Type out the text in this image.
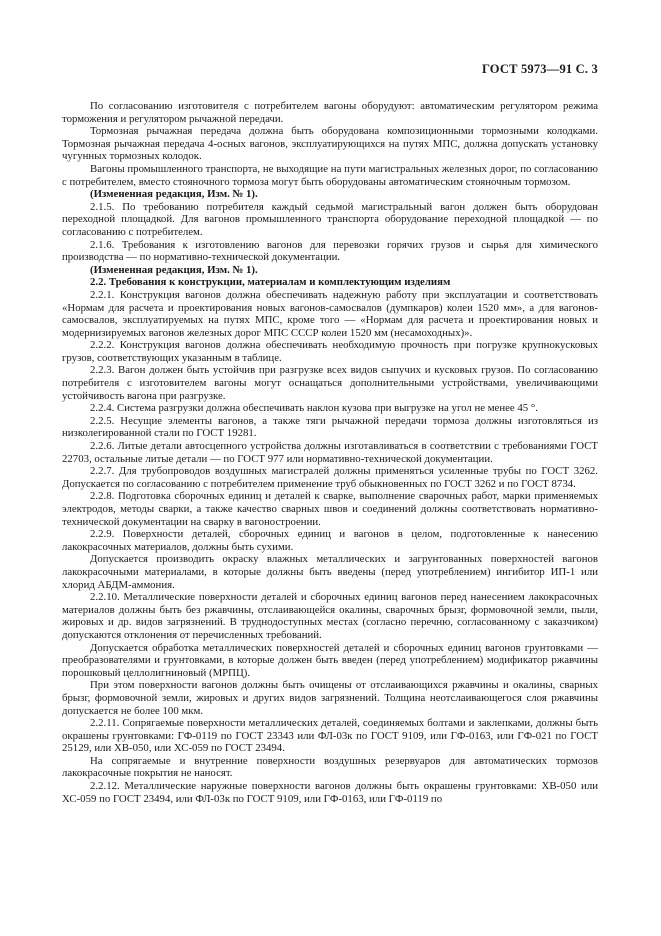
ГОСТ 5973—91 С. 3

По согласованию изготовителя с потребителем вагоны оборудуют: автоматическим регулятором режима торможения и регулятором рычажной передачи.

Тормозная рычажная передача должна быть оборудована композиционными тормозными колодками. Тормозная рычажная передача 4-осных вагонов, эксплуатирующихся на путях МПС, должна допускать установку чугунных тормозных колодок.

Вагоны промышленного транспорта, не выходящие на пути магистральных железных дорог, по согласованию с потребителем, вместо стояночного тормоза могут быть оборудованы автоматическим стояночным тормозом.

(Измененная редакция, Изм. № 1).

2.1.5. По требованию потребителя каждый седьмой магистральный вагон должен быть оборудован переходной площадкой. Для вагонов промышленного транспорта оборудование переходной площадкой — по согласованию с потребителем.

2.1.6. Требования к изготовлению вагонов для перевозки горячих грузов и сырья для химического производства — по нормативно-технической документации.

(Измененная редакция, Изм. № 1).

2.2. Требования к конструкции, материалам и комплектующим изделиям

2.2.1. Конструкция вагонов должна обеспечивать надежную работу при эксплуатации и соответствовать «Нормам для расчета и проектирования новых вагонов-самосвалов (думпкаров) колеи 1520 мм», а для вагонов-самосвалов, эксплуатируемых на путях МПС, кроме того — «Нормам для расчета и проектирования новых и модернизируемых вагонов железных дорог МПС СССР колеи 1520 мм (несамоходных)».

2.2.2. Конструкция вагонов должна обеспечивать необходимую прочность при погрузке крупнокусковых грузов, соответствующих указанным в таблице.

2.2.3. Вагон должен быть устойчив при разгрузке всех видов сыпучих и кусковых грузов. По согласованию потребителя с изготовителем вагоны могут оснащаться дополнительными устройствами, увеличивающими устойчивость вагона при разгрузке.

2.2.4. Система разгрузки должна обеспечивать наклон кузова при выгрузке на угол не менее 45 °.

2.2.5. Несущие элементы вагонов, а также тяги рычажной передачи тормоза должны изготовляться из низколегированной стали по ГОСТ 19281.

2.2.6. Литые детали автосцепного устройства должны изготавливаться в соответствии с требованиями ГОСТ 22703, остальные литые детали — по ГОСТ 977 или нормативно-технической документации.

2.2.7. Для трубопроводов воздушных магистралей должны применяться усиленные трубы по ГОСТ 3262. Допускается по согласованию с потребителем применение труб обыкновенных по ГОСТ 3262 и по ГОСТ 8734.

2.2.8. Подготовка сборочных единиц и деталей к сварке, выполнение сварочных работ, марки применяемых электродов, методы сварки, а также качество сварных швов и соединений должны соответствовать нормативно-технической документации на сварку в вагоностроении.

2.2.9. Поверхности деталей, сборочных единиц и вагонов в целом, подготовленные к нанесению лакокрасочных материалов, должны быть сухими.

Допускается производить окраску влажных металлических и загрунтованных поверхностей вагонов лакокрасочными материалами, в которые должны быть введены (перед употреблением) ингибитор ИП-1 или хлорид АБДМ-аммония.

2.2.10. Металлические поверхности деталей и сборочных единиц вагонов перед нанесением лакокрасочных материалов должны быть без ржавчины, отслаивающейся окалины, сварочных брызг, формовочной земли, пыли, жировых и др. видов загрязнений. В труднодоступных местах (согласно перечню, согласованному с заказчиком) допускаются отклонения от перечисленных требований.

Допускается обработка металлических поверхностей деталей и сборочных единиц вагонов грунтовками — преобразователями и грунтовками, в которые должен быть введен (перед употреблением) модификатор ржавчины порошковый целлолигниновый (МРПЦ).

При этом поверхности вагонов должны быть очищены от отслаивающихся ржавчины и окалины, сварных брызг, формовочной земли, жировых и других видов загрязнений. Толщина неотслаивающегося слоя ржавчины допускается не более 100 мкм.

2.2.11. Сопрягаемые поверхности металлических деталей, соединяемых болтами и заклепками, должны быть окрашены грунтовками: ГФ-0119 по ГОСТ 23343 или ФЛ-03к по ГОСТ 9109, или ГФ-0163, или ГФ-021 по ГОСТ 25129, или ХВ-050, или ХС-059 по ГОСТ 23494.

На сопрягаемые и внутренние поверхности воздушных резервуаров для автоматических тормозов лакокрасочные покрытия не наносят.

2.2.12. Металлические наружные поверхности вагонов должны быть окрашены грунтовками: ХВ-050 или ХС-059 по ГОСТ 23494, или ФЛ-03к по ГОСТ 9109, или ГФ-0163, или ГФ-0119 по
